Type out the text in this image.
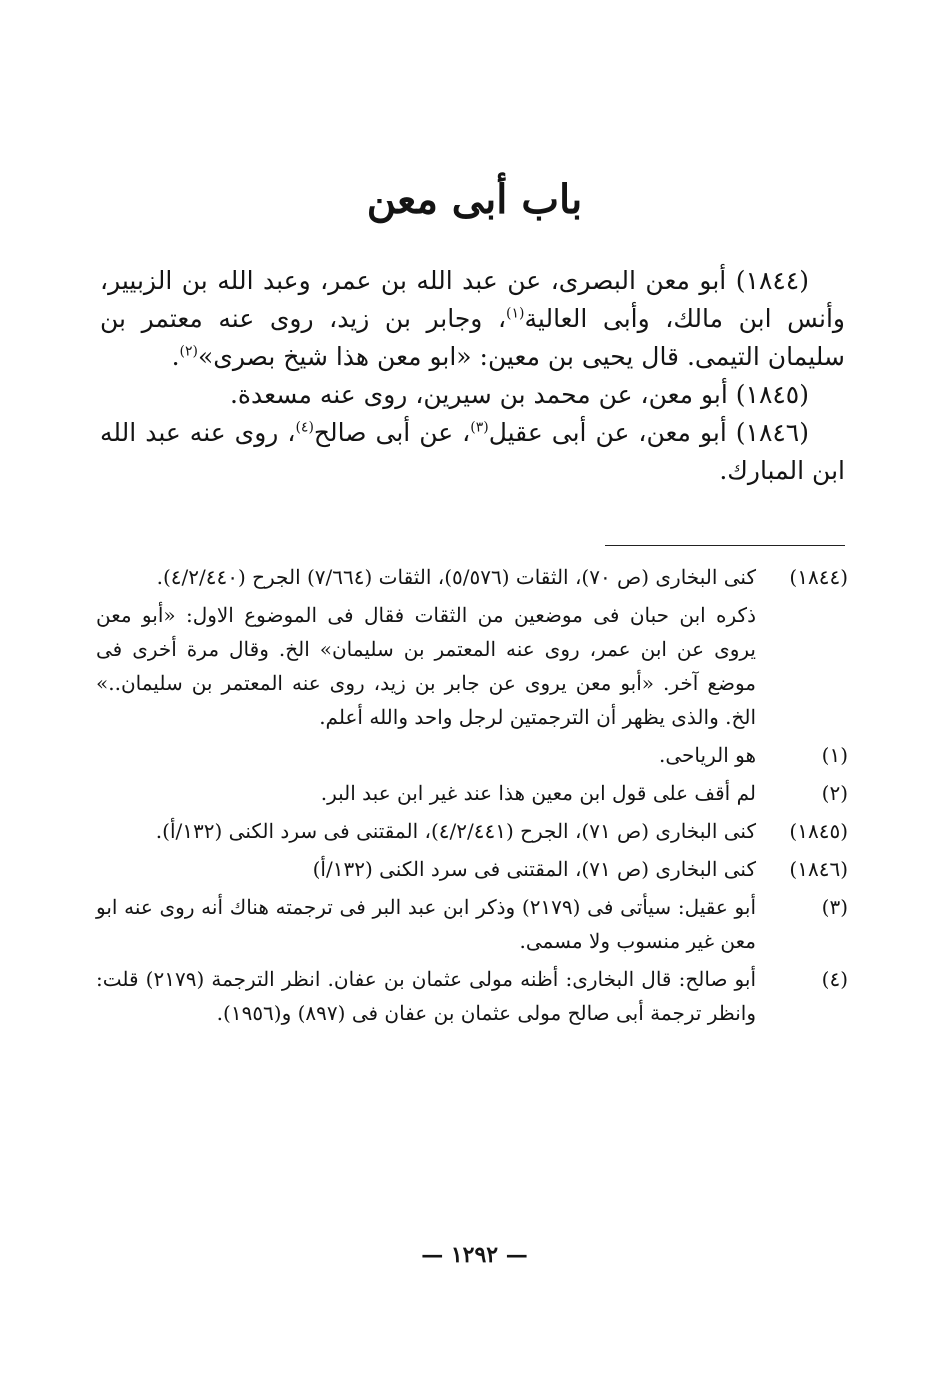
باب أبى معن

(١٨٤٤) أبو معن البصرى، عن عبد الله بن عمر، وعبد الله بن الزبيير، وأنس ابن مالك، وأبى العالية$^{(١)}$، وجابر بن زيد، روى عنه معتمر بن سليمان التيمى. قال يحيى بن معين: «ابو معن هذا شيخ بصرى»$^{(٢)}$.

(١٨٤٥) أبو معن، عن محمد بن سيرين، روى عنه مسعدة.

(١٨٤٦) أبو معن، عن أبى عقيل$^{(٣)}$، عن أبى صالح$^{(٤)}$، روى عنه عبد الله ابن المبارك.

(١٨٤٤)
كنى البخارى (ص ٧٠)، الثقات (٥/٥٧٦)، الثقات (٧/٦٦٤) الجرح (٤/٢/٤٤٠).
ذكره ابن حبان فى موضعين من الثقات فقال فى الموضوع الاول: «أبو معن يروى عن ابن عمر، روى عنه المعتمر بن سليمان» الخ. وقال مرة أخرى فى موضع آخر. «أبو معن يروى عن جابر بن زيد، روى عنه المعتمر بن سليمان..» الخ. والذى يظهر أن الترجمتين لرجل واحد والله أعلم.
(١)
هو الرياحى.
(٢)
لم أقف على قول ابن معين هذا عند غير ابن عبد البر.
(١٨٤٥)
كنى البخارى (ص ٧١)، الجرح (٤/٢/٤٤١)، المقتنى فى سرد الكنى (١٣٢/أ).
(١٨٤٦)
كنى البخارى (ص ٧١)، المقتنى فى سرد الكنى (١٣٢/أ)
(٣)
أبو عقيل: سيأتى فى (٢١٧٩) وذكر ابن عبد البر فى ترجمته هناك أنه روى عنه ابو معن غير منسوب ولا مسمى.
(٤)
أبو صالح: قال البخارى: أظنه مولى عثمان بن عفان. انظر الترجمة (٢١٧٩) قلت: وانظر ترجمة أبى صالح مولى عثمان بن عفان فى (٨٩٧) و(١٩٥٦).
— ١٢٩٢ —
